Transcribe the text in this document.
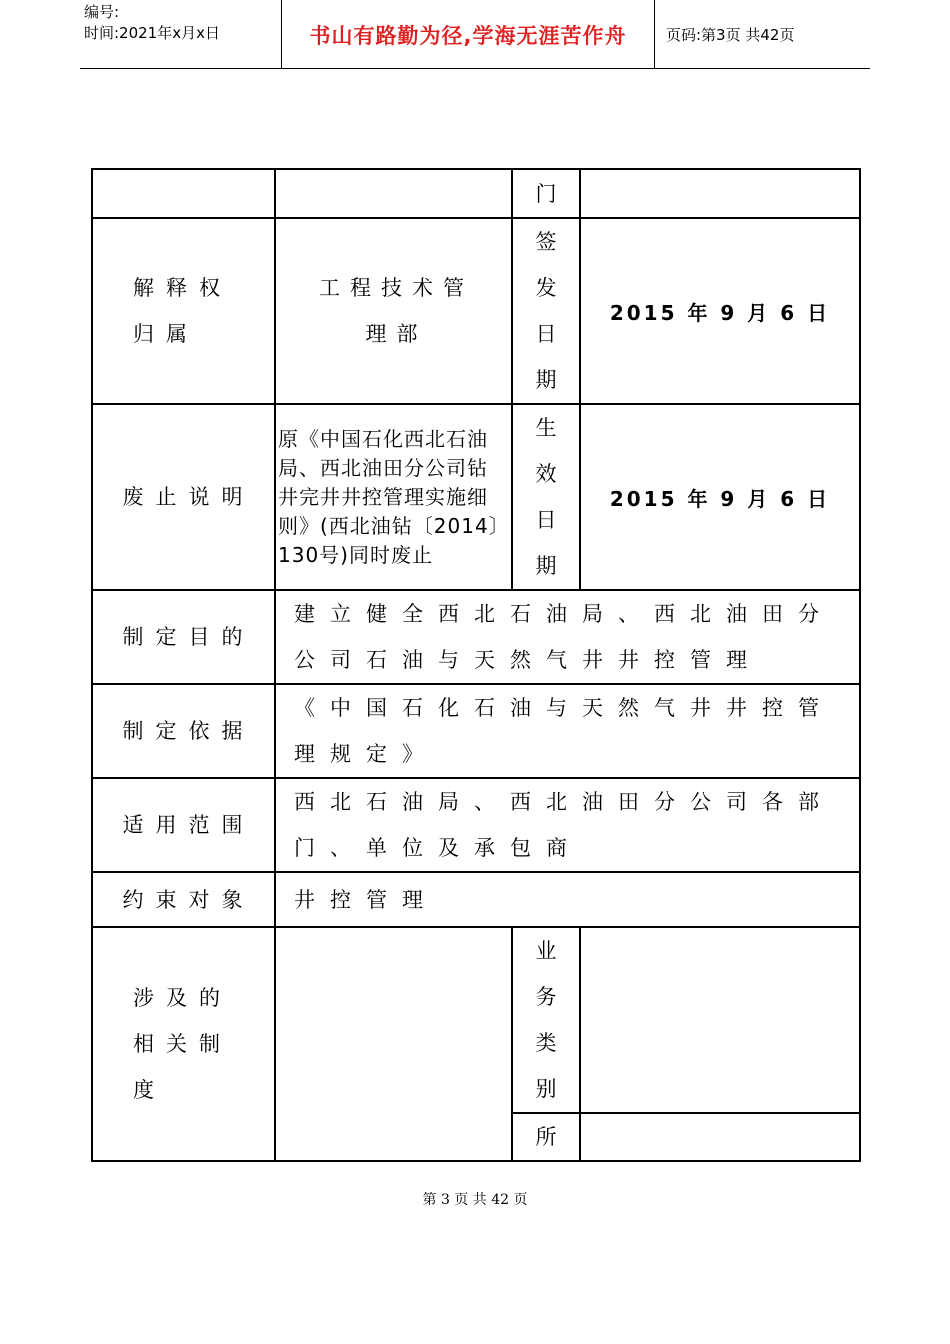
编号:
时间:2021年x月x日	书山有路勤为径,学海无涯苦作舟	页码:第3页 共42页

		门	

解释权归属	工程技术管理部	签
发
日
期	2015 年 9 月 6 日
废止说明	原《中国石化西北石油局、西北油田分公司钻井完井井控管理实施细则》(西北油钻〔2014〕130号)同时废止	生
效
日
期	2015 年 9 月 6 日
制定目的	建立健全西北石油局、西北油田分公司石油与天然气井井控管理		
制定依据	《中国石化石油与天然气井井控管理规定》		
适用范围	西北石油局、西北油田分公司各部门、单位及承包商		
约束对象	井控管理		
涉及的相关制度		业
务
类
别	

		所	

第 3 页 共 42 页
